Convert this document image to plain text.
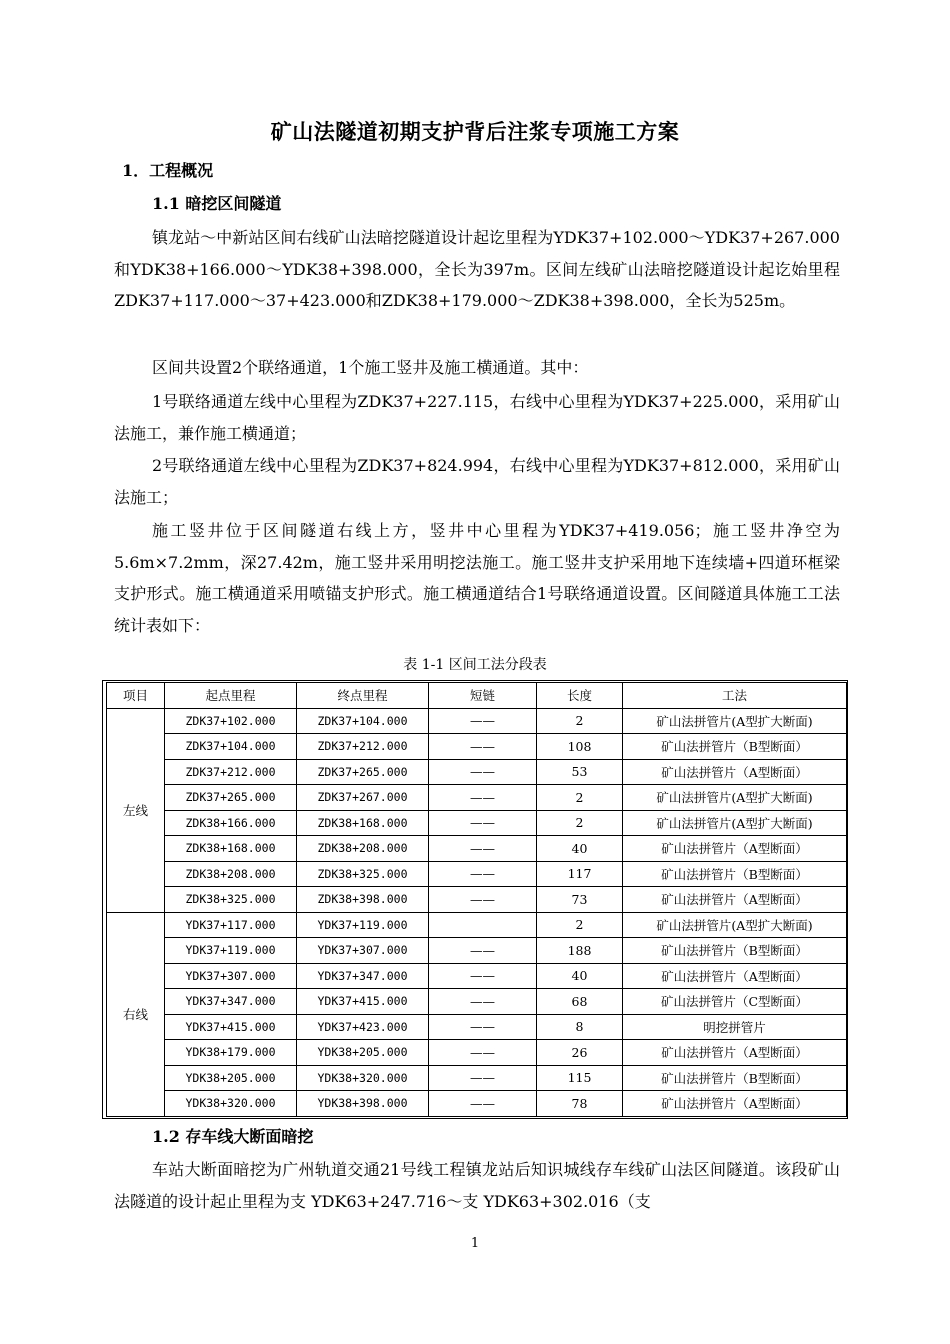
矿山法隧道初期支护背后注浆专项施工方案
1．工程概况
1.1 暗挖区间隧道
镇龙站～中新站区间右线矿山法暗挖隧道设计起讫里程为YDK37+102.000～YDK37+267.000和YDK38+166.000～YDK38+398.000，全长为397m。区间左线矿山法暗挖隧道设计起讫始里程ZDK37+117.000～37+423.000和ZDK38+179.000～ZDK38+398.000，全长为525m。
区间共设置2个联络通道，1个施工竖井及施工横通道。其中：
1号联络通道左线中心里程为ZDK37+227.115，右线中心里程为YDK37+225.000，采用矿山法施工，兼作施工横通道；
2号联络通道左线中心里程为ZDK37+824.994，右线中心里程为YDK37+812.000，采用矿山法施工；
施工竖井位于区间隧道右线上方，竖井中心里程为YDK37+419.056；施工竖井净空为5.6m×7.2mm，深27.42m，施工竖井采用明挖法施工。施工竖井支护采用地下连续墙+四道环框梁支护形式。施工横通道采用喷锚支护形式。施工横通道结合1号联络通道设置。区间隧道具体施工工法统计表如下：
表 1-1 区间工法分段表
项目	起点里程	终点里程	短链	长度	工法
左线	ZDK37+102.000	ZDK37+104.000	——	2	矿山法拼管片(A型扩大断面)
	ZDK37+104.000	ZDK37+212.000	——	108	矿山法拼管片（B型断面）
	ZDK37+212.000	ZDK37+265.000	——	53	矿山法拼管片（A型断面）
	ZDK37+265.000	ZDK37+267.000	——	2	矿山法拼管片(A型扩大断面)
	ZDK38+166.000	ZDK38+168.000	——	2	矿山法拼管片(A型扩大断面)
	ZDK38+168.000	ZDK38+208.000	——	40	矿山法拼管片（A型断面）
	ZDK38+208.000	ZDK38+325.000	——	117	矿山法拼管片（B型断面）
	ZDK38+325.000	ZDK38+398.000	——	73	矿山法拼管片（A型断面）
右线	YDK37+117.000	YDK37+119.000		2	矿山法拼管片(A型扩大断面)
	YDK37+119.000	YDK37+307.000	——	188	矿山法拼管片（B型断面）
	YDK37+307.000	YDK37+347.000	——	40	矿山法拼管片（A型断面）
	YDK37+347.000	YDK37+415.000	——	68	矿山法拼管片（C型断面）
	YDK37+415.000	YDK37+423.000	——	8	明挖拼管片
	YDK38+179.000	YDK38+205.000	——	26	矿山法拼管片（A型断面）
	YDK38+205.000	YDK38+320.000	——	115	矿山法拼管片（B型断面）
	YDK38+320.000	YDK38+398.000	——	78	矿山法拼管片（A型断面）
1.2 存车线大断面暗挖
车站大断面暗挖为广州轨道交通21号线工程镇龙站后知识城线存车线矿山法区间隧道。该段矿山法隧道的设计起止里程为支 YDK63+247.716～支 YDK63+302.016（支
1
